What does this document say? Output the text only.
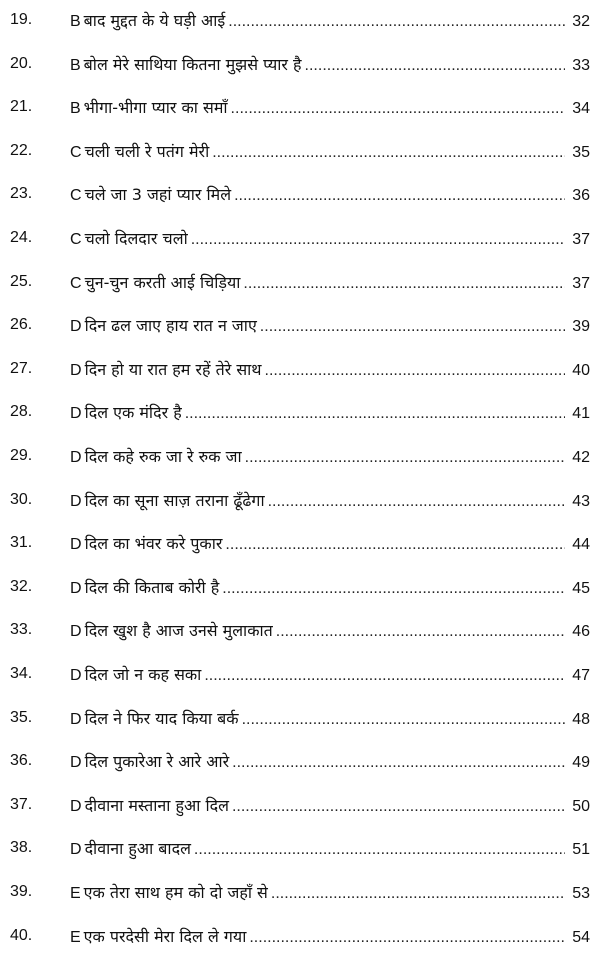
19.	B बाद मुद्दत के ये घड़ी आई .....	32
20.	B बोल मेरे साथिया कितना मुझसे प्यार है .....	33
21.	B भीगा-भीगा प्यार का समाँ .....	34
22.	C चली चली रे पतंग मेरी .....	35
23.	C चले जा 3 जहां प्यार मिले .....	36
24.	C चलो दिलदार चलो .....	37
25.	C चुन-चुन करती आई चिड़िया .....	37
26.	D दिन ढल जाए हाय रात न जाए .....	39
27.	D दिन हो या रात हम रहें तेरे साथ .....	40
28.	D दिल एक मंदिर है .....	41
29.	D दिल कहे रुक जा रे रुक जा .....	42
30.	D दिल का सूना साज़ तराना ढूँढेगा .....	43
31.	D दिल का भंवर करे पुकार .....	44
32.	D दिल की किताब कोरी है .....	45
33.	D दिल खुश है आज उनसे मुलाकात .....	46
34.	D दिल जो न कह सका .....	47
35.	D दिल ने फिर याद किया बर्क .....	48
36.	D दिल पुकारेआ रे आरे आरे .....	49
37.	D दीवाना मस्ताना हुआ दिल .....	50
38.	D दीवाना हुआ बादल .....	51
39.	E एक तेरा साथ हम को दो जहाँ से .....	53
40.	E एक परदेसी मेरा दिल ले गया .....	54
